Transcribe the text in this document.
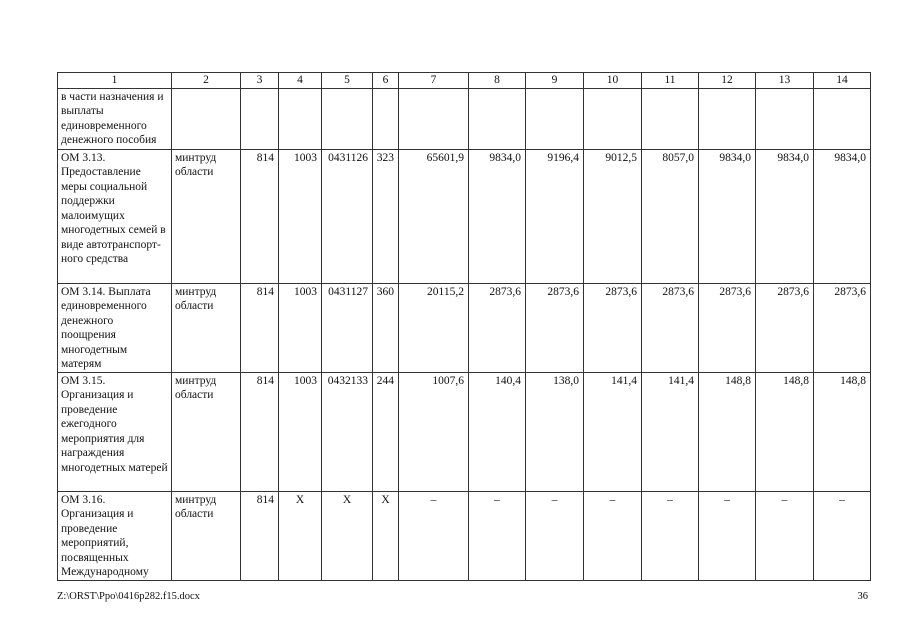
1	2	3	4	5	6	7	8	9	10	11	12	13	14
в части назначения и выплаты единовременного денежного пособия													
ОМ 3.13. Предоставление меры социальной поддержки малоимущих многодетных семей в виде автотранспорт-ного средства	минтруд области	814	1003	0431126	323	65601,9	9834,0	9196,4	9012,5	8057,0	9834,0	9834,0	9834,0
ОМ 3.14. Выплата единовременного денежного поощрения многодетным матерям	минтруд области	814	1003	0431127	360	20115,2	2873,6	2873,6	2873,6	2873,6	2873,6	2873,6	2873,6
ОМ 3.15. Организация и проведение ежегодного мероприятия для награждения многодетных матерей	минтруд области	814	1003	0432133	244	1007,6	140,4	138,0	141,4	141,4	148,8	148,8	148,8
ОМ 3.16. Организация и проведение мероприятий, посвященных Международному	минтруд области	814	Х	Х	Х	–	–	–	–	–	–	–	–
Z:\ORST\Ppo\0416p282.f15.docx	36
